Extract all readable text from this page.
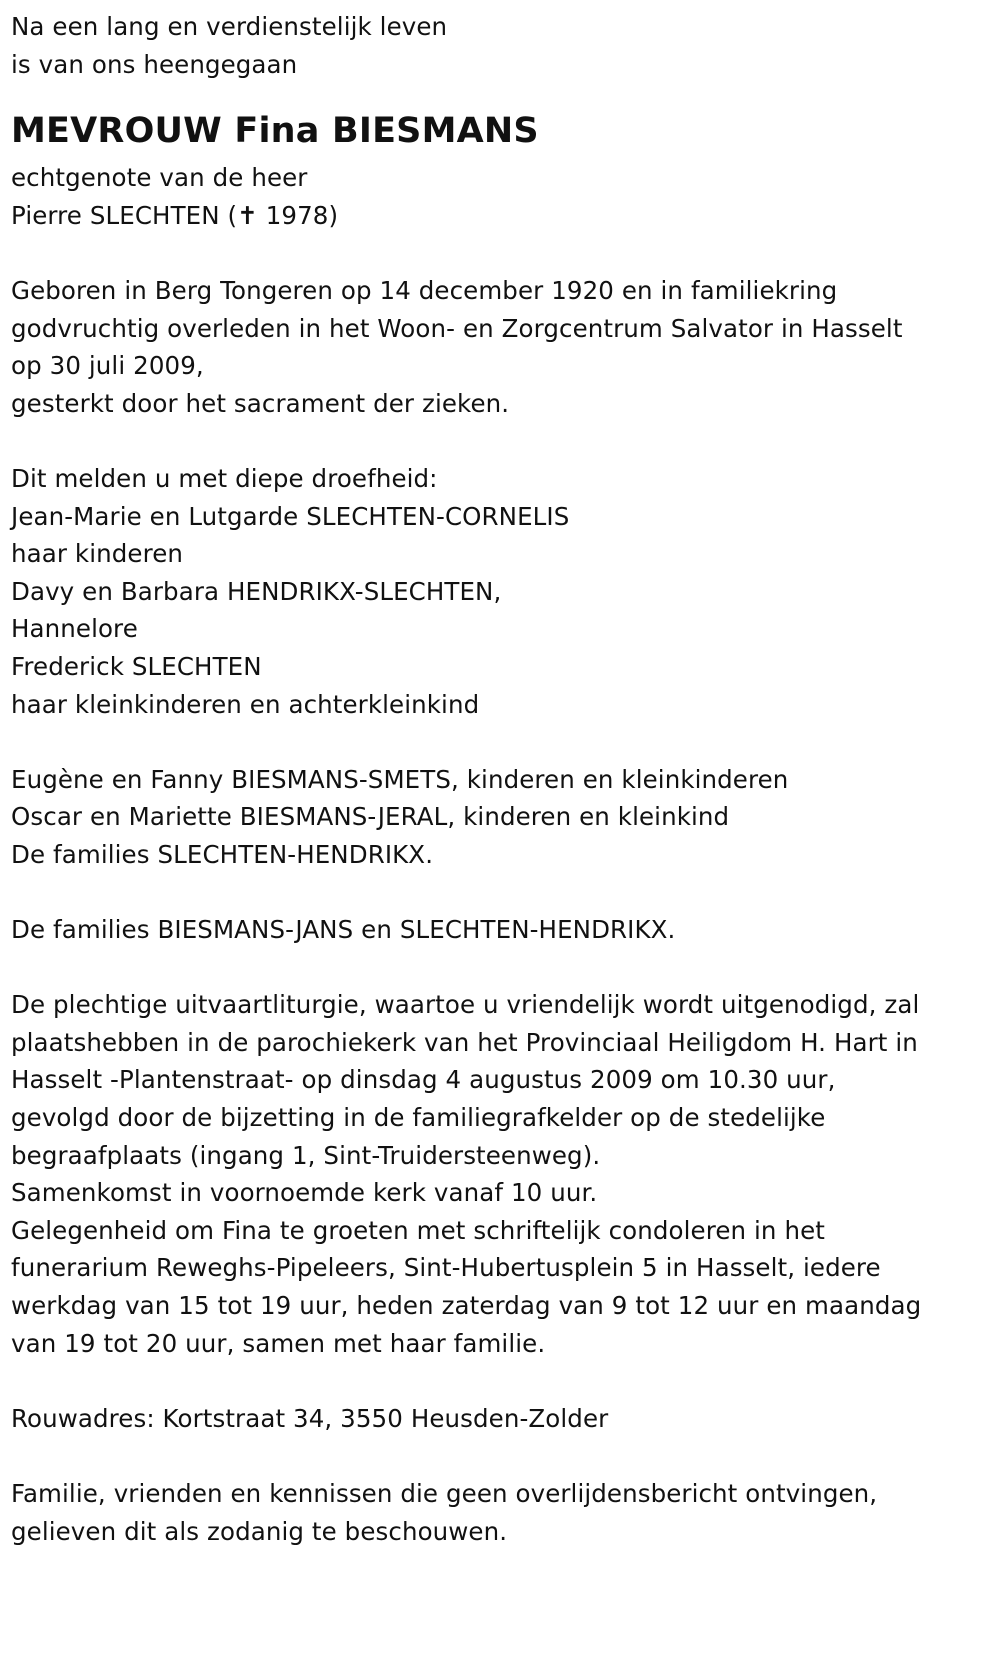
Na een lang en verdienstelijk leven
is van ons heengegaan
MEVROUW Fina BIESMANS
echtgenote van de heer
Pierre SLECHTEN (✝ 1978)
Geboren in Berg Tongeren op 14 december 1920 en in familiekring
godvruchtig overleden in het Woon- en Zorgcentrum Salvator in Hasselt
op 30 juli 2009,
gesterkt door het sacrament der zieken.
Dit melden u met diepe droefheid:
Jean-Marie en Lutgarde SLECHTEN-CORNELIS
haar kinderen
Davy en Barbara HENDRIKX-SLECHTEN,
Hannelore
Frederick SLECHTEN
haar kleinkinderen en achterkleinkind
Eugène en Fanny BIESMANS-SMETS, kinderen en kleinkinderen
Oscar en Mariette BIESMANS-JERAL, kinderen en kleinkind
De families SLECHTEN-HENDRIKX.
De families BIESMANS-JANS en SLECHTEN-HENDRIKX.
De plechtige uitvaartliturgie, waartoe u vriendelijk wordt uitgenodigd, zal
plaatshebben in de parochiekerk van het Provinciaal Heiligdom H. Hart in
Hasselt -Plantenstraat- op dinsdag 4 augustus 2009 om 10.30 uur,
gevolgd door de bijzetting in de familiegrafkelder op de stedelijke
begraafplaats (ingang 1, Sint-Truidersteenweg).
Samenkomst in voornoemde kerk vanaf 10 uur.
Gelegenheid om Fina te groeten met schriftelijk condoleren in het
funerarium Reweghs-Pipeleers, Sint-Hubertusplein 5 in Hasselt, iedere
werkdag van 15 tot 19 uur, heden zaterdag van 9 tot 12 uur en maandag
van 19 tot 20 uur, samen met haar familie.
Rouwadres: Kortstraat 34, 3550 Heusden-Zolder
Familie, vrienden en kennissen die geen overlijdensbericht ontvingen,
gelieven dit als zodanig te beschouwen.
